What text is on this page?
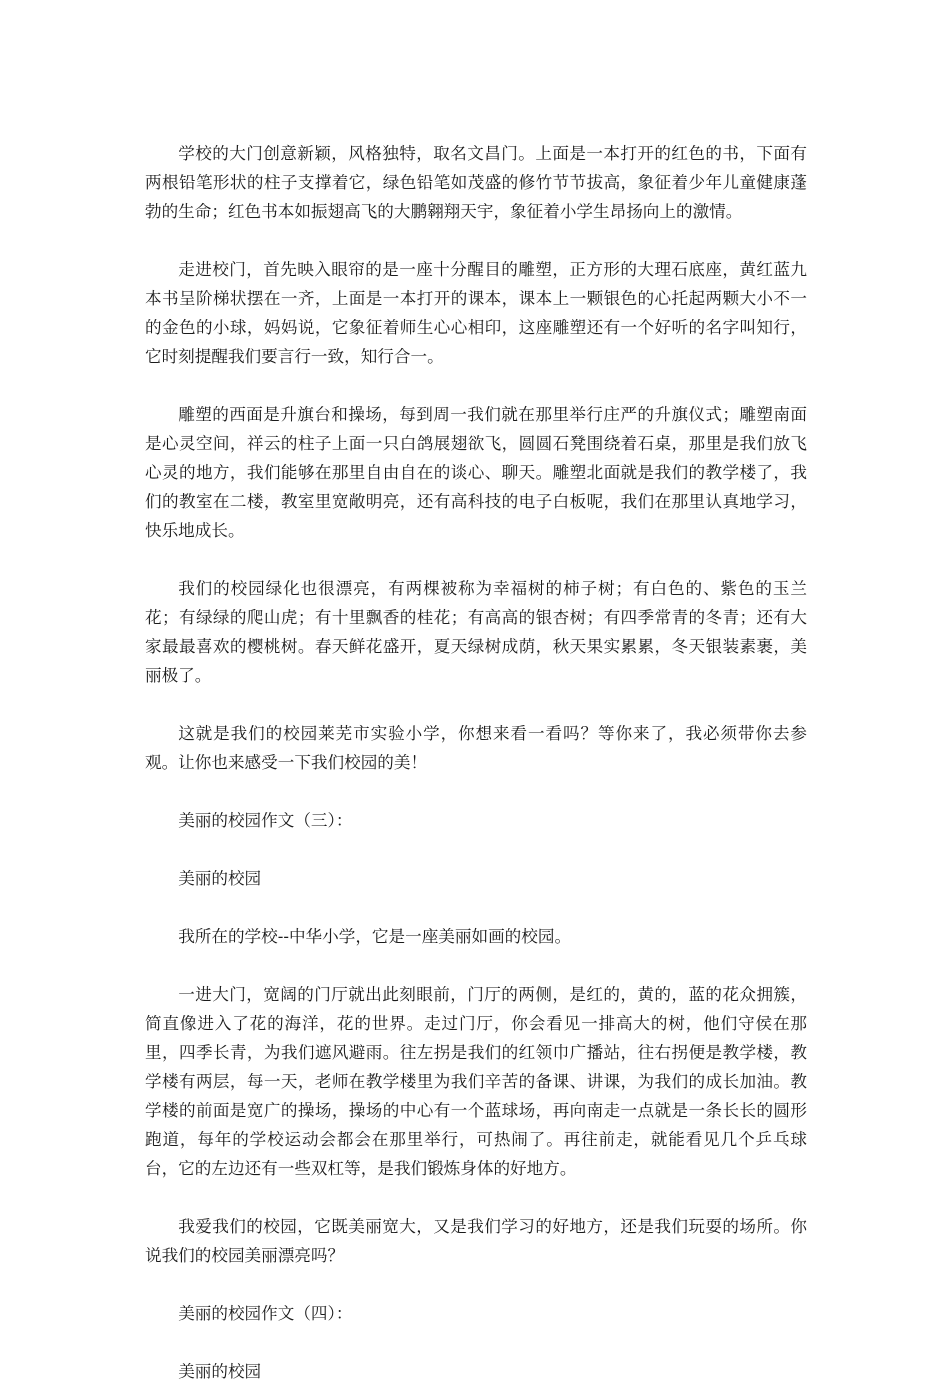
学校的大门创意新颖，风格独特，取名文昌门。上面是一本打开的红色的书，下面有两根铅笔形状的柱子支撑着它，绿色铅笔如茂盛的修竹节节拔高，象征着少年儿童健康蓬勃的生命；红色书本如振翅高飞的大鹏翱翔天宇，象征着小学生昂扬向上的激情。

走进校门，首先映入眼帘的是一座十分醒目的雕塑，正方形的大理石底座，黄红蓝九本书呈阶梯状摆在一齐，上面是一本打开的课本，课本上一颗银色的心托起两颗大小不一的金色的小球，妈妈说，它象征着师生心心相印，这座雕塑还有一个好听的名字叫知行，它时刻提醒我们要言行一致，知行合一。

雕塑的西面是升旗台和操场，每到周一我们就在那里举行庄严的升旗仪式；雕塑南面是心灵空间，祥云的柱子上面一只白鸽展翅欲飞，圆圆石凳围绕着石桌，那里是我们放飞心灵的地方，我们能够在那里自由自在的谈心、聊天。雕塑北面就是我们的教学楼了，我们的教室在二楼，教室里宽敞明亮，还有高科技的电子白板呢，我们在那里认真地学习，快乐地成长。

我们的校园绿化也很漂亮，有两棵被称为幸福树的柿子树；有白色的、紫色的玉兰花；有绿绿的爬山虎；有十里飘香的桂花；有高高的银杏树；有四季常青的冬青；还有大家最最喜欢的樱桃树。春天鲜花盛开，夏天绿树成荫，秋天果实累累，冬天银装素裹，美丽极了。

这就是我们的校园莱芜市实验小学，你想来看一看吗？等你来了，我必须带你去参观。让你也来感受一下我们校园的美！

美丽的校园作文（三）：

美丽的校园

我所在的学校--中华小学，它是一座美丽如画的校园。

一进大门，宽阔的门厅就出此刻眼前，门厅的两侧，是红的，黄的，蓝的花众拥簇，简直像进入了花的海洋，花的世界。走过门厅，你会看见一排高大的树，他们守侯在那里，四季长青，为我们遮风避雨。往左拐是我们的红领巾广播站，往右拐便是教学楼，教学楼有两层，每一天，老师在教学楼里为我们辛苦的备课、讲课，为我们的成长加油。教学楼的前面是宽广的操场，操场的中心有一个蓝球场，再向南走一点就是一条长长的圆形跑道，每年的学校运动会都会在那里举行，可热闹了。再往前走，就能看见几个乒乓球台，它的左边还有一些双杠等，是我们锻炼身体的好地方。

我爱我们的校园，它既美丽宽大，又是我们学习的好地方，还是我们玩耍的场所。你说我们的校园美丽漂亮吗？

美丽的校园作文（四）：

美丽的校园
